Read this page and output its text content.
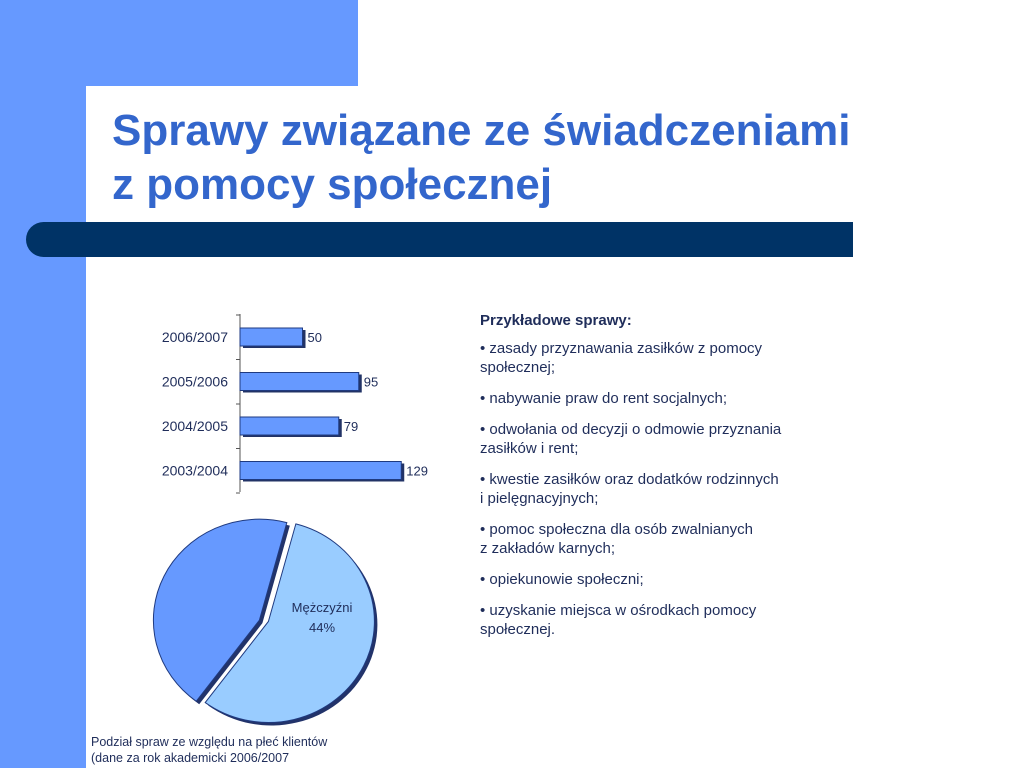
Sprawy związane ze świadczeniami
z pomocy społecznej
2006/2007	50
2005/2006	95
2004/2005	79
2003/2004	129
Mężczyźni
44%
Przykładowe sprawy:
• zasady przyznawania zasiłków z pomocy
społecznej;
• nabywanie praw do rent socjalnych;
• odwołania od decyzji o odmowie przyznania
zasiłków i rent;
• kwestie zasiłków oraz dodatków rodzinnych
i pielęgnacyjnych;
• pomoc społeczna dla osób zwalnianych
z zakładów karnych;
• opiekunowie społeczni;
• uzyskanie miejsca w ośrodkach pomocy
społecznej.
Podział spraw ze względu na płeć klientów
(dane za rok akademicki 2006/2007
